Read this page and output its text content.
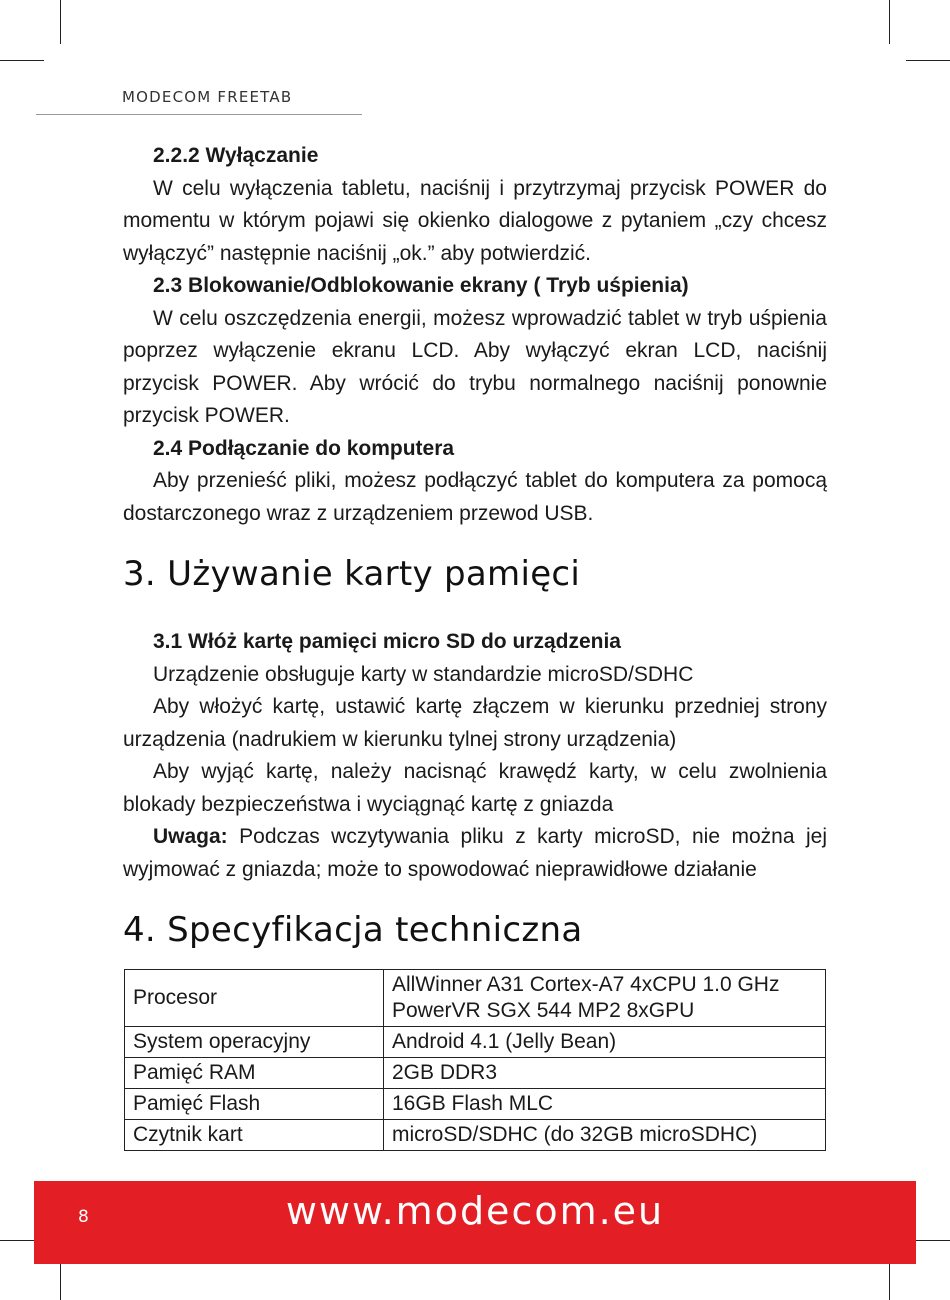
MODECOM FREETAB

2.2.2 Wyłączanie

W celu wyłączenia tabletu, naciśnij i przytrzymaj przycisk POWER do momentu w którym pojawi się okienko dialogowe z pytaniem „czy chcesz wyłączyć” następnie naciśnij „ok.” aby potwierdzić.

2.3 Blokowanie/Odblokowanie ekrany ( Tryb uśpienia)

W celu oszczędzenia energii, możesz wprowadzić tablet w tryb uśpienia poprzez wyłączenie ekranu LCD. Aby wyłączyć ekran LCD, naciśnij przycisk POWER. Aby wrócić do trybu normalnego naciśnij ponownie przycisk POWER.

2.4 Podłączanie do komputera

Aby przenieść pliki, możesz podłączyć tablet do komputera za pomocą dostarczonego wraz z urządzeniem przewod USB.

3. Używanie karty pamięci

3.1 Włóż kartę pamięci micro SD do urządzenia

Urządzenie obsługuje karty w standardzie microSD/SDHC

Aby włożyć kartę, ustawić kartę złączem w kierunku przedniej strony urządzenia (nadrukiem w kierunku tylnej strony urządzenia)

Aby wyjąć kartę, należy nacisnąć krawędź karty, w celu zwolnienia blokady bezpieczeństwa i wyciągnąć kartę z gniazda

Uwaga: Podczas wczytywania pliku z karty microSD, nie można jej wyjmować z gniazda; może to spowodować nieprawidłowe działanie

4. Specyfikacja techniczna
Procesor	AllWinner A31 Cortex-A7 4xCPU 1.0 GHz
PowerVR SGX 544 MP2 8xGPU

System operacyjny	Android 4.1 (Jelly Bean)
Pamięć RAM	2GB DDR3
Pamięć Flash	16GB Flash MLC
Czytnik kart	microSD/SDHC (do 32GB microSDHC)
8	www.modecom.eu
